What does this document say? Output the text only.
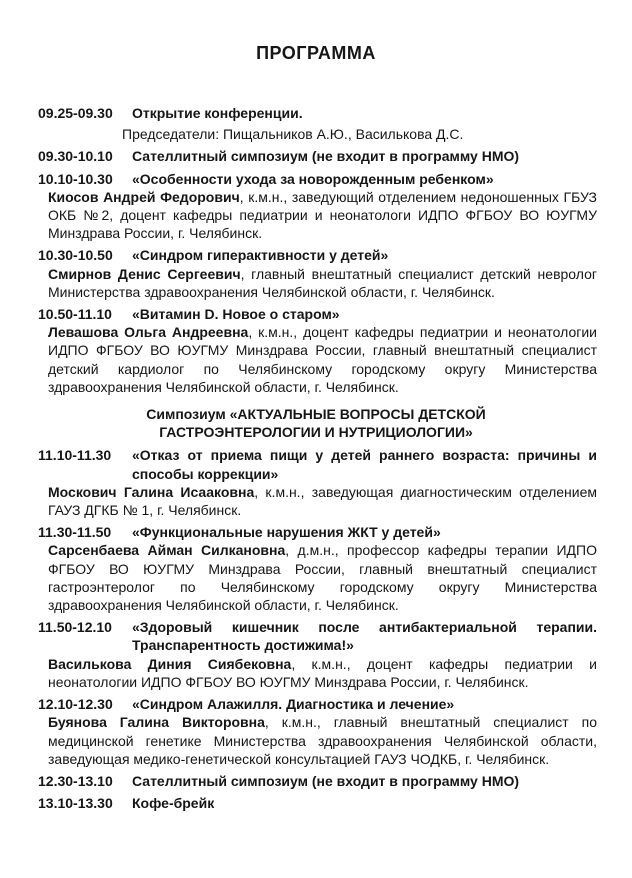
ПРОГРАММА
09.25-09.30	Открытие конференции.
Председатели: Пищальников А.Ю., Василькова Д.С.
09.30-10.10	Сателлитный симпозиум (не входит в программу НМО)
10.10-10.30	«Особенности ухода за новорожденным ребенком»

Киосов Андрей Федорович, к.м.н., заведующий отделением недоношенных ГБУЗ ОКБ №2, доцент кафедры педиатрии и неонатологи ИДПО ФГБОУ ВО ЮУГМУ Минздрава России, г. Челябинск.

10.30-10.50	«Синдром гиперактивности у детей»

Смирнов Денис Сергеевич, главный внештатный специалист детский невролог Министерства здравоохранения Челябинской области, г. Челябинск.

10.50-11.10	«Витамин D. Новое о старом»

Левашова Ольга Андреевна, к.м.н., доцент кафедры педиатрии и неонатологии ИДПО ФГБОУ ВО ЮУГМУ Минздрава России, главный внештатный специалист детский кардиолог по Челябинскому городскому округу Министерства здравоохранения Челябинской области, г. Челябинск.

Симпозиум «АКТУАЛЬНЫЕ ВОПРОСЫ ДЕТСКОЙ ГАСТРОЭНТЕРОЛОГИИ И НУТРИЦИОЛОГИИ»
11.10-11.30	«Отказ от приема пищи у детей раннего возраста: причины и способы коррекции»

Москович Галина Исааковна, к.м.н., заведующая диагностическим отделением ГАУЗ ДГКБ № 1, г. Челябинск.

11.30-11.50	«Функциональные нарушения ЖКТ у детей»

Сарсенбаева Айман Силкановна, д.м.н., профессор кафедры терапии ИДПО ФГБОУ ВО ЮУГМУ Минздрава России, главный внештатный специалист гастроэнтеролог по Челябинскому городскому округу Министерства здравоохранения Челябинской области, г. Челябинск.

11.50-12.10	«Здоровый кишечник после антибактериальной терапии. Транспарентность достижима!»

Василькова Диния Сиябековна, к.м.н., доцент кафедры педиатрии и неонатологии ИДПО ФГБОУ ВО ЮУГМУ Минздрава России, г. Челябинск.

12.10-12.30	«Синдром Алажилля. Диагностика и лечение»

Буянова Галина Викторовна, к.м.н., главный внештатный специалист по медицинской генетике Министерства здравоохранения Челябинской области, заведующая медико-генетической консультацией ГАУЗ ЧОДКБ, г. Челябинск.

12.30-13.10	Сателлитный симпозиум (не входит в программу НМО)
13.10-13.30	Кофе-брейк
